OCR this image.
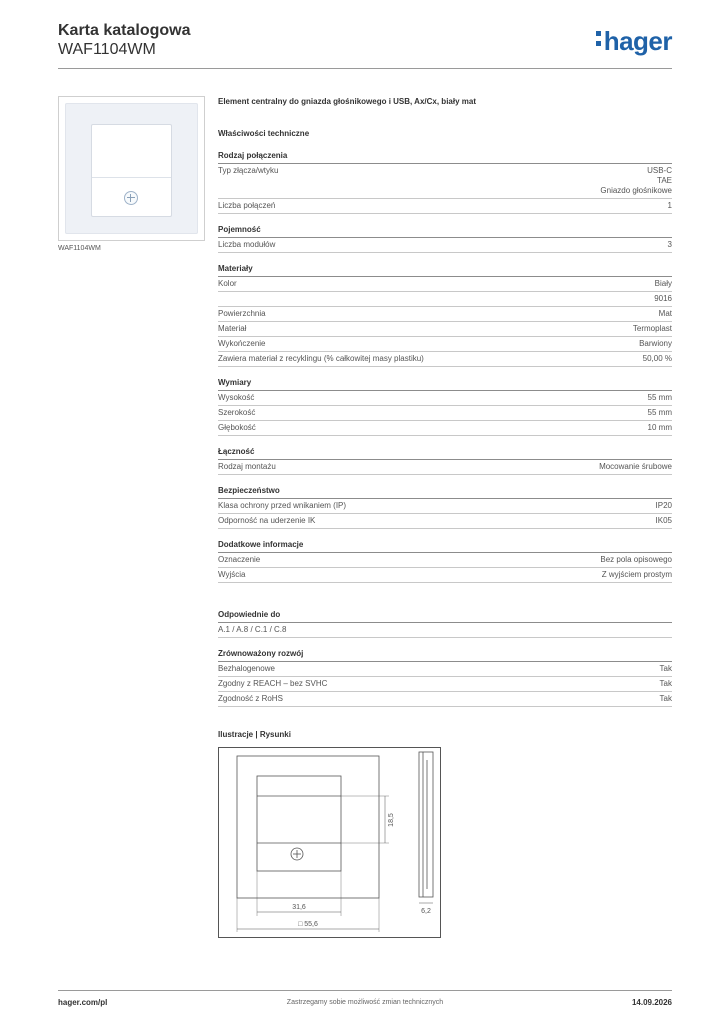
Karta katalogowa
WAF1104WM	hager
WAF1104WM
Element centralny do gniazda głośnikowego i USB, Ax/Cx, biały mat
Właściwości techniczne
Rodzaj połączenia
Typ złącza/wtyku	USB-C
TAE
Gniazdo głośnikowe
Liczba połączeń	1
Pojemność
Liczba modułów	3
Materiały
Kolor	Biały
9016
Powierzchnia	Mat
Materiał	Termoplast
Wykończenie	Barwiony
Zawiera materiał z recyklingu (% całkowitej masy plastiku)	50,00 %
Wymiary
Wysokość	55 mm
Szerokość	55 mm
Głębokość	10 mm
Łączność
Rodzaj montażu	Mocowanie śrubowe
Bezpieczeństwo
Klasa ochrony przed wnikaniem (IP)	IP20
Odporność na uderzenie IK	IK05
Dodatkowe informacje
Oznaczenie	Bez pola opisowego
Wyjścia	Z wyjściem prostym
Odpowiednie do
A.1 / A.8 / C.1 / C.8
Zrównoważony rozwój
Bezhalogenowe	Tak
Zgodny z REACH – bez SVHC	Tak
Zgodność z RoHS	Tak
Ilustracje | Rysunki
18,5
31,6
□ 55,6
6,2
hager.com/pl	Zastrzegamy sobie możliwość zmian technicznych	14.09.2026
